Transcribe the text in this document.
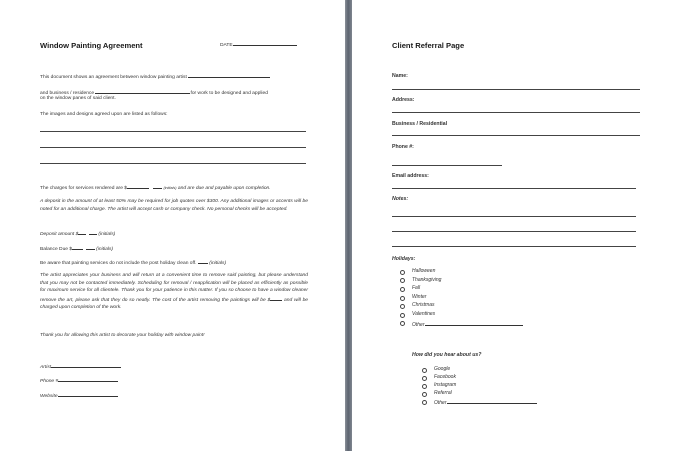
Window Painting Agreement	DATE
This document shows an agreement between window painting artist
and business / residence	for work to be designed and applied
on the window panes of said client.
The images and designs agreed upon are listed as follows:
The charges for services rendered are $	(initials) and are due and payable upon completion.
A deposit in the amount of at least 50% may be required for job quotes over $300. Any additional images or accents will be noted for an additional charge. The artist will accept cash or company check. No personal checks will be accepted.
Deposit amount $	(initials)
Balance Due $	(initials)
Be aware that painting services do not include the post holiday clean off.	(initials)
The artist appreciates your business and will return at a convenient time to remove said painting, but please understand that you may not be contacted immediately. Scheduling for removal / reapplication will be placed as efficiently as possible for maximum service for all clientele. Thank you for your patience in this matter. If you so choose to have a window cleaner remove the art, please ask that they do so neatly. The cost of the artist removing the paintings will be $	and will be charged upon completion of the work.
Thank you for allowing this artist to decorate your holiday with window paint!
Artist
Phone #
Website
Client Referral Page
Name:
Address:
Business / Residential
Phone #:
Email address:
Notes:
Holidays:
Halloween
Thanksgiving
Fall
Winter
Christmas
Valentines
Other
How did you hear about us?
Google
Facebook
Instagram
Referral
Other
